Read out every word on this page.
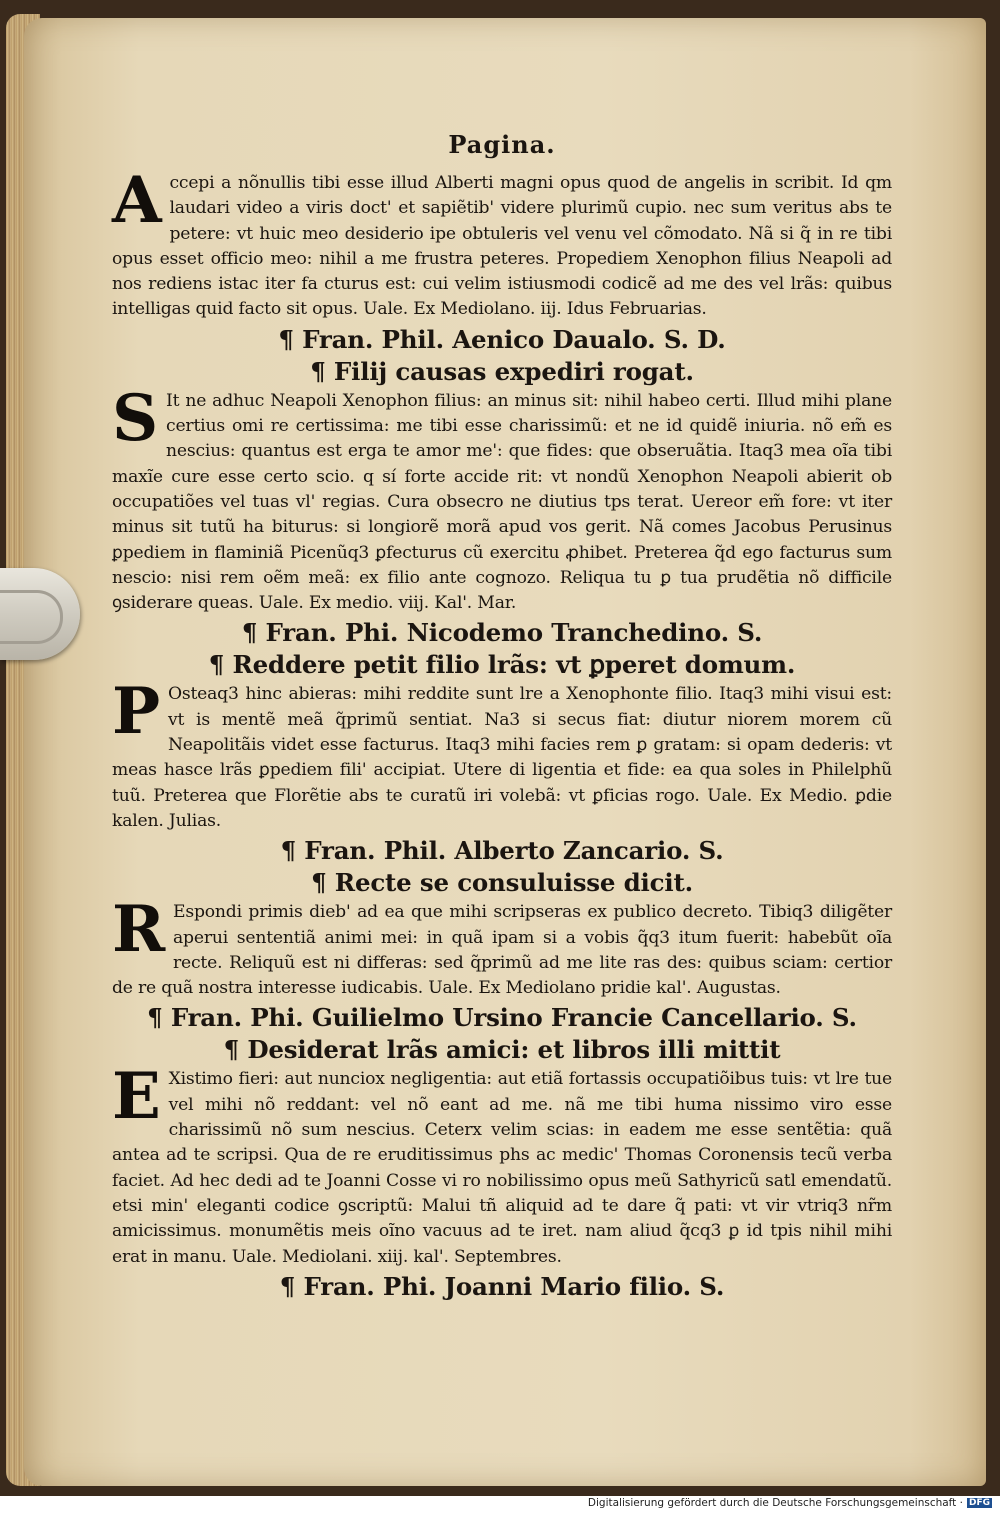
Pagina.

Accepi a nõnullis tibi esse illud Alberti magni opus quod de angelis in scribit. Id qm laudari video a viris doct' et sapiẽtib' videre plurimũ cupio. nec sum veritus abs te petere: vt huic meo desiderio ipe obtuleris vel venu vel cõmodato. Nã si q̃ in re tibi opus esset officio meo: nihil a me frustra peteres. Propediem Xenophon filius Neapoli ad nos rediens istac iter fa cturus est: cui velim istiusmodi codicẽ ad me des vel lrãs: quibus intelligas quid facto sit opus. Uale. Ex Mediolano. iij. Idus Februarias.

¶ Fran. Phil. Aenico Daualo. S. D.
¶ Filij causas expediri rogat.

S It ne adhuc Neapoli Xenophon filius: an minus sit: nihil habeo certi. Illud mihi plane certius omi re certissima: me tibi esse charissimũ: et ne id quidẽ iniuria. nõ em̃ es nescius: quantus est erga te amor me': que fides: que obseruãtia. Itaq3 mea oĩa tibi maxĩe cure esse certo scio. q sí forte accide rit: vt nondũ Xenophon Neapoli abierit ob occupatiões vel tuas vl' regias. Cura obsecro ne diutius tps terat. Uereor em̃ fore: vt iter minus sit tutũ ha biturus: si longiorẽ morã apud vos gerit. Nã comes Jacobus Perusinus ꝑpediem in flaminiã Picenũq3 ꝑfecturus cũ exercitu ꝓhibet. Preterea q̃d ego facturus sum nescio: nisi rem oẽm meã: ex filio ante cognozo. Reliqua tu ꝑ tua prudẽtia nõ difficile ꝯsiderare queas. Uale. Ex medio. viij. Kal'. Mar.

¶ Fran. Phi. Nicodemo Tranchedino. S.
¶ Reddere petit filio lrãs: vt ꝑperet domum.

P Osteaq3 hinc abieras: mihi reddite sunt lre a Xenophonte filio. Itaq3 mihi visui est: vt is mentẽ meã q̃primũ sentiat. Na3 si secus fiat: diutur niorem morem cũ Neapolitãis videt esse facturus. Itaq3 mihi facies rem ꝑ gratam: si opam dederis: vt meas hasce lrãs ꝑpediem fili' accipiat. Utere di ligentia et fide: ea qua soles in Philelphũ tuũ. Preterea que Florẽtie abs te curatũ iri volebã: vt ꝑficias rogo. Uale. Ex Medio. ꝑdie kalen. Julias.

¶ Fran. Phil. Alberto Zancario. S.
¶ Recte se consuluisse dicit.

R Espondi primis dieb' ad ea que mihi scripseras ex publico decreto. Tibiq3 diligẽter aperui sententiã animi mei: in quã ipam si a vobis q̃q3 itum fuerit: habebũt oĩa recte. Reliquũ est ni differas: sed q̃primũ ad me lite ras des: quibus sciam: certior de re quã nostra interesse iudicabis. Uale. Ex Mediolano pridie kal'. Augustas.

¶ Fran. Phi. Guilielmo Ursino Francie Cancellario. S.
¶ Desiderat lrãs amici: et libros illi mittit

E Xistimo fieri: aut nunciox negligentia: aut etiã fortassis occupatiõibus tuis: vt lre tue vel mihi nõ reddant: vel nõ eant ad me. nã me tibi huma nissimo viro esse charissimũ nõ sum nescius. Ceterx velim scias: in eadem me esse sentẽtia: quã antea ad te scripsi. Qua de re eruditissimus phs ac medic' Thomas Coronensis tecũ verba faciet. Ad hec dedi ad te Joanni Cosse vi ro nobilissimo opus meũ Sathyricũ satl emendatũ. etsi min' eleganti codice ꝯscriptũ: Malui tñ aliquid ad te dare q̃ pati: vt vir vtriq3 nr̃m amicissimus. monumẽtis meis oĩno vacuus ad te iret. nam aliud q̃cq3 ꝑ id tpis nihil mihi erat in manu. Uale. Mediolani. xiij. kal'. Septembres.

¶ Fran. Phi. Joanni Mario filio. S.
Digitalisierung gefördert durch die Deutsche Forschungsgemeinschaft · DFG
